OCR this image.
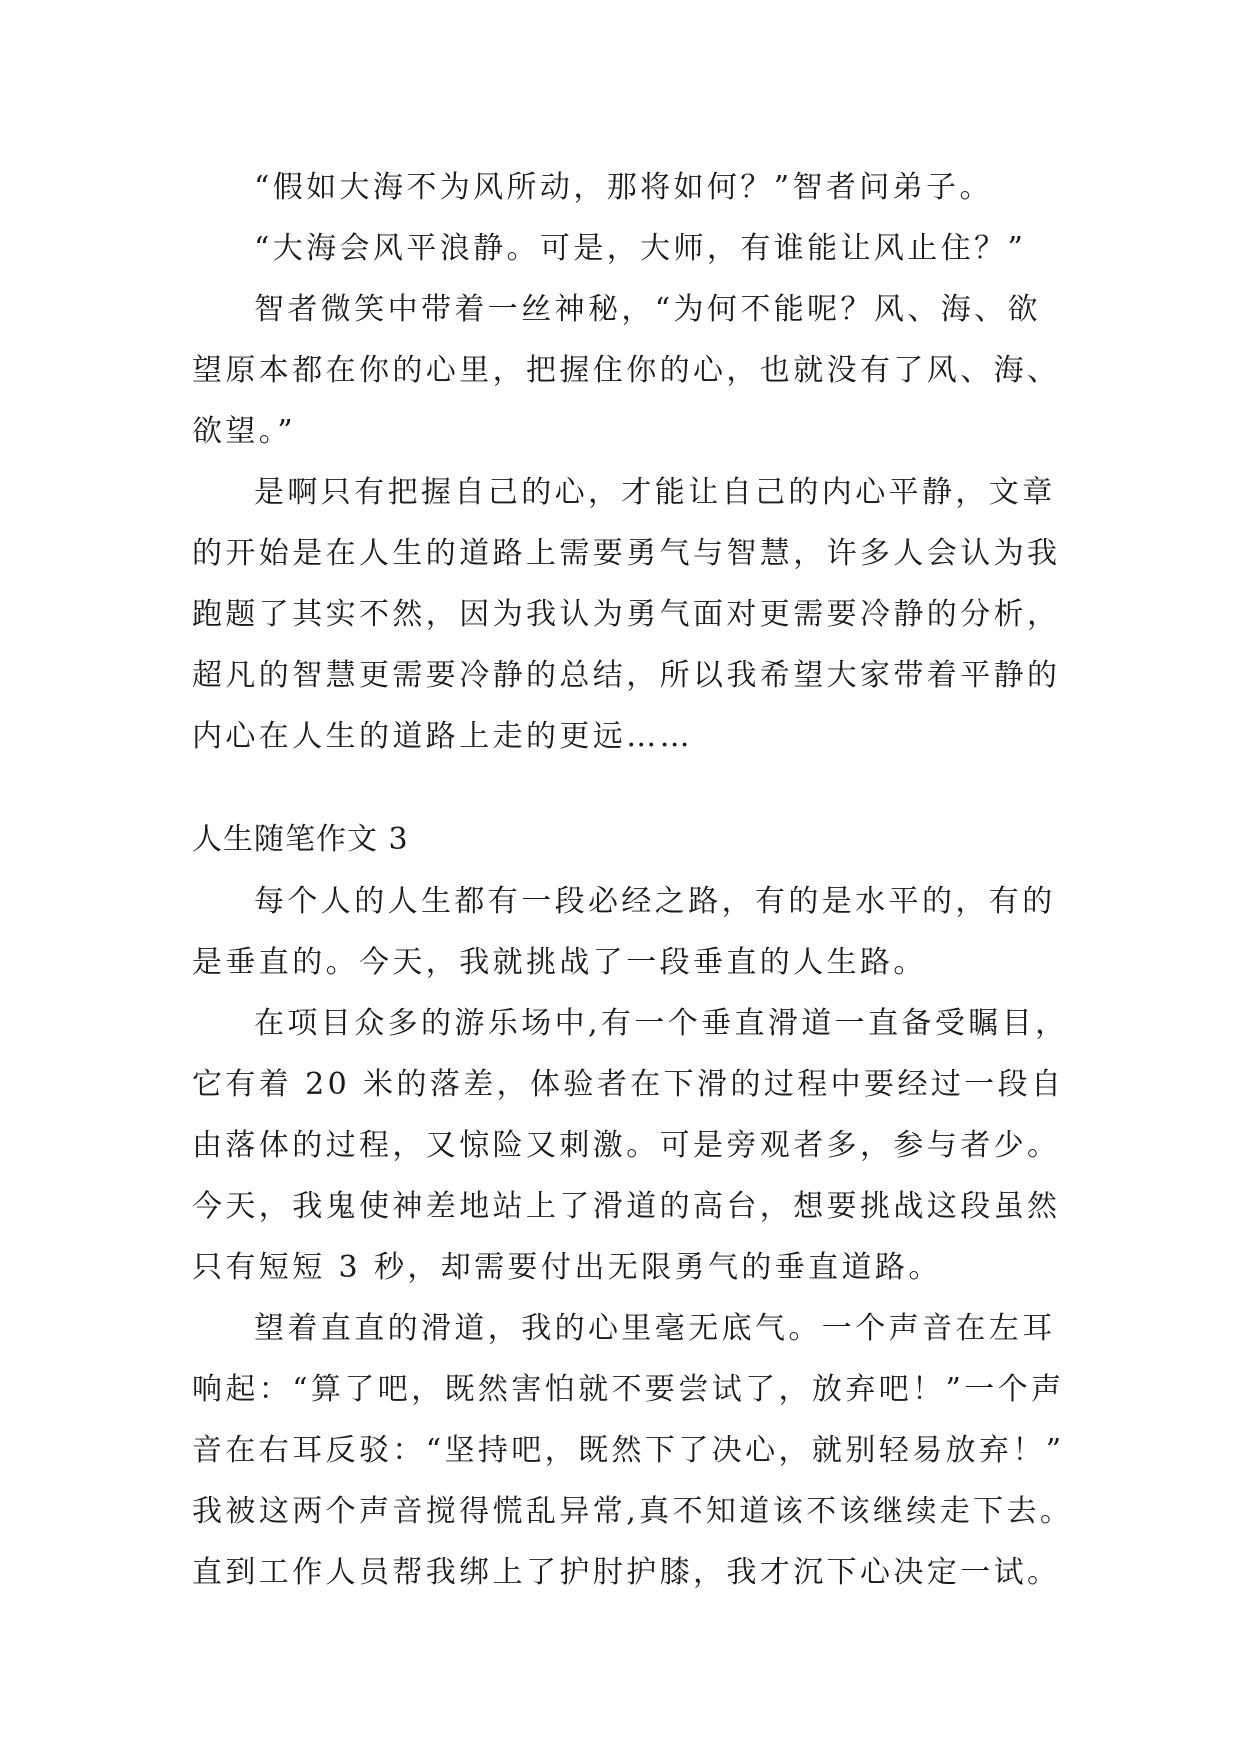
“假如大海不为风所动，那将如何？”智者问弟子。
“大海会风平浪静。可是，大师，有谁能让风止住？”
智者微笑中带着一丝神秘，“为何不能呢？风、海、欲
望原本都在你的心里，把握住你的心，也就没有了风、海、
欲望。”
是啊只有把握自己的心，才能让自己的内心平静，文章
的开始是在人生的道路上需要勇气与智慧，许多人会认为我
跑题了其实不然，因为我认为勇气面对更需要冷静的分析，
超凡的智慧更需要冷静的总结，所以我希望大家带着平静的
内心在人生的道路上走的更远……
人生随笔作文 3
每个人的人生都有一段必经之路，有的是水平的，有的
是垂直的。今天，我就挑战了一段垂直的人生路。
在项目众多的游乐场中,有一个垂直滑道一直备受瞩目，
它有着 20 米的落差，体验者在下滑的过程中要经过一段自
由落体的过程，又惊险又刺激。可是旁观者多，参与者少。
今天，我鬼使神差地站上了滑道的高台，想要挑战这段虽然
只有短短 3 秒，却需要付出无限勇气的垂直道路。
望着直直的滑道，我的心里毫无底气。一个声音在左耳
响起：“算了吧，既然害怕就不要尝试了，放弃吧！”一个声
音在右耳反驳：“坚持吧，既然下了决心，就别轻易放弃！”
我被这两个声音搅得慌乱异常,真不知道该不该继续走下去。
直到工作人员帮我绑上了护肘护膝，我才沉下心决定一试。
